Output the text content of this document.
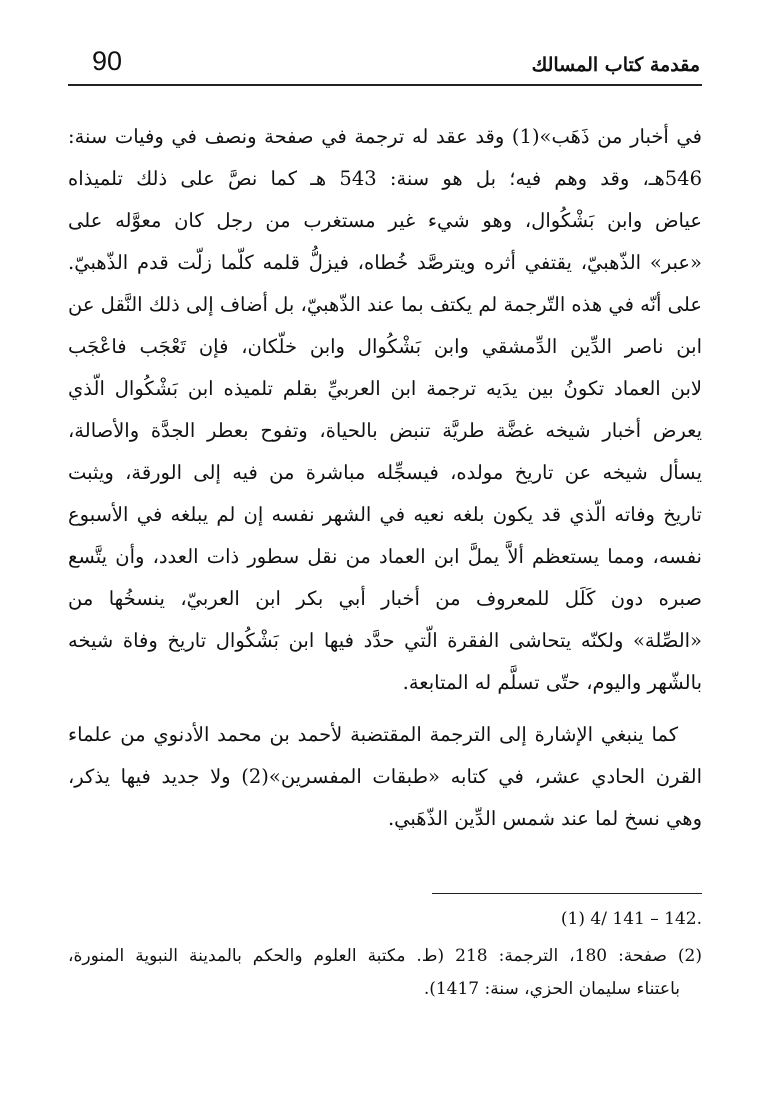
مقدمة كتاب المسالك
90
في أخبار من ذَهَب»(1) وقد عقد له ترجمة في صفحة ونصف في وفيات سنة:
546هـ، وقد وهم فيه؛ بل هو سنة: 543 هـ كما نصَّ على ذلك تلميذاه
عياض وابن بَشْكُوال، وهو شيء غير مستغرب من رجل كان معوَّله على
«عبر» الذّهبيّ، يقتفي أثره ويترصَّد خُطاه، فيزلُّ قلمه كلّما زلّت قدم الذّهبيّ.
على أنّه في هذه التّرجمة لم يكتف بما عند الذّهبيّ، بل أضاف إلى ذلك النَّقل عن
ابن ناصر الدِّين الدِّمشقي وابن بَشْكُوال وابن خلّكان، فإن تَعْجَب فاعْجَب
لابن العماد تكونُ بين يدَيه ترجمة ابن العربيِّ بقلم تلميذه ابن بَشْكُوال الّذي
يعرض أخبار شيخه غضَّة طريَّة تنبض بالحياة، وتفوح بعطر الجدَّة والأصالة،
يسأل شيخه عن تاريخ مولده، فيسجِّله مباشرة من فيه إلى الورقة، ويثبت
تاريخ وفاته الّذي قد يكون بلغه نعيه في الشهر نفسه إن لم يبلغه في الأسبوع
نفسه، ومما يستعظم ألاَّ يملَّ ابن العماد من نقل سطور ذات العدد، وأن يتَّسع
صبره دون كَلَل للمعروف من أخبار أبي بكر ابن العربيّ، ينسخُها من
«الصِّلة» ولكنّه يتحاشى الفقرة الّتي حدَّد فيها ابن بَشْكُوال تاريخ وفاة شيخه
بالشّهر واليوم، حتّى تسلَّم له المتابعة.
كما ينبغي الإشارة إلى الترجمة المقتضبة لأحمد بن محمد الأدنوي من علماء
القرن الحادي عشر، في كتابه «طبقات المفسرين»(2) ولا جديد فيها يذكر،
وهي نسخ لما عند شمس الدِّين الذّهَبي.
.142 – 141 /4 (1)
(2) صفحة: 180، الترجمة: 218 (ط. مكتبة العلوم والحكم بالمدينة النبوية المنورة،
باعتناء سليمان الحزي، سنة: 1417).
